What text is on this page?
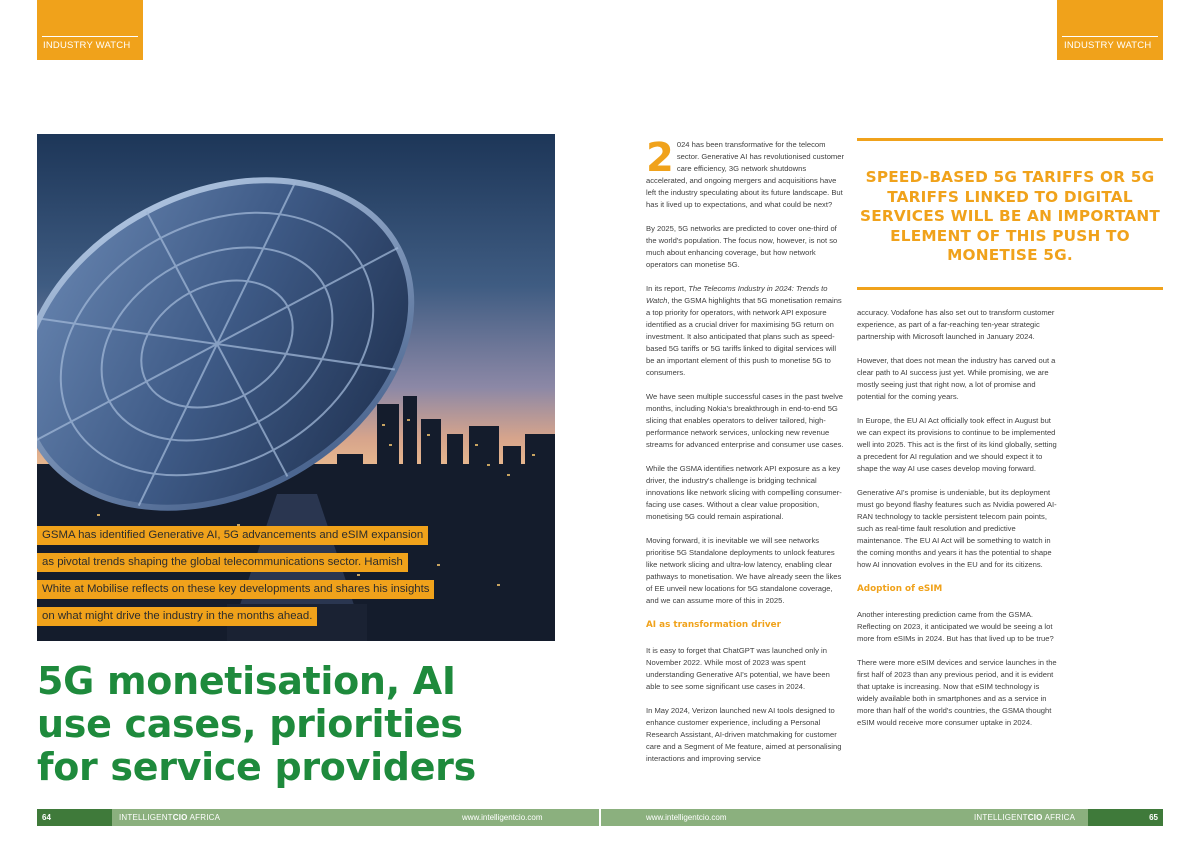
INDUSTRY WATCH	INDUSTRY WATCH
GSMA has identified Generative AI, 5G advancements and eSIM expansion
as pivotal trends shaping the global telecommunications sector. Hamish
White at Mobilise reflects on these key developments and shares his insights
on what might drive the industry in the months ahead.
5G monetisation, AI
use cases, priorities
for service providers

2 024 has been transformative for the telecom sector. Generative AI has revolutionised customer care efficiency, 3G network shutdowns accelerated, and ongoing mergers and acquisitions have left the industry speculating about its future landscape. But has it lived up to expectations, and what could be next?

By 2025, 5G networks are predicted to cover one-third of the world's population. The focus now, however, is not so much about enhancing coverage, but how network operators can monetise 5G.

In its report, The Telecoms Industry in 2024: Trends to Watch, the GSMA highlights that 5G monetisation remains a top priority for operators, with network API exposure identified as a crucial driver for maximising 5G return on investment. It also anticipated that plans such as speed-based 5G tariffs or 5G tariffs linked to digital services will be an important element of this push to monetise 5G to consumers.

We have seen multiple successful cases in the past twelve months, including Nokia's breakthrough in end-to-end 5G slicing that enables operators to deliver tailored, high-performance network services, unlocking new revenue streams for advanced enterprise and consumer use cases.

While the GSMA identifies network API exposure as a key driver, the industry's challenge is bridging technical innovations like network slicing with compelling consumer-facing use cases. Without a clear value proposition, monetising 5G could remain aspirational.

Moving forward, it is inevitable we will see networks prioritise 5G Standalone deployments to unlock features like network slicing and ultra-low latency, enabling clear pathways to monetisation. We have already seen the likes of EE unveil new locations for 5G standalone coverage, and we can assume more of this in 2025.

AI as transformation driver

It is easy to forget that ChatGPT was launched only in November 2022. While most of 2023 was spent understanding Generative AI's potential, we have been able to see some significant use cases in 2024.

In May 2024, Verizon launched new AI tools designed to enhance customer experience, including a Personal Research Assistant, AI-driven matchmaking for customer care and a Segment of Me feature, aimed at personalising interactions and improving service

SPEED-BASED 5G TARIFFS OR 5G TARIFFS LINKED TO DIGITAL SERVICES WILL BE AN IMPORTANT ELEMENT OF THIS PUSH TO MONETISE 5G.

accuracy. Vodafone has also set out to transform customer experience, as part of a far-reaching ten-year strategic partnership with Microsoft launched in January 2024.

However, that does not mean the industry has carved out a clear path to AI success just yet. While promising, we are mostly seeing just that right now, a lot of promise and potential for the coming years.

In Europe, the EU AI Act officially took effect in August but we can expect its provisions to continue to be implemented well into 2025. This act is the first of its kind globally, setting a precedent for AI regulation and we should expect it to shape the way AI use cases develop moving forward.

Generative AI's promise is undeniable, but its deployment must go beyond flashy features such as Nvidia powered AI-RAN technology to tackle persistent telecom pain points, such as real-time fault resolution and predictive maintenance. The EU AI Act will be something to watch in the coming months and years it has the potential to shape how AI innovation evolves in the EU and for its citizens.

Adoption of eSIM

Another interesting prediction came from the GSMA. Reflecting on 2023, it anticipated we would be seeing a lot more from eSIMs in 2024. But has that lived up to be true?

There were more eSIM devices and service launches in the first half of 2023 than any previous period, and it is evident that uptake is increasing. Now that eSIM technology is widely available both in smartphones and as a service in more than half of the world's countries, the GSMA thought eSIM would receive more consumer uptake in 2024.

64	INTELLIGENTCIO AFRICA	www.intelligentcio.com	www.intelligentcio.com	INTELLIGENTCIO AFRICA	65
